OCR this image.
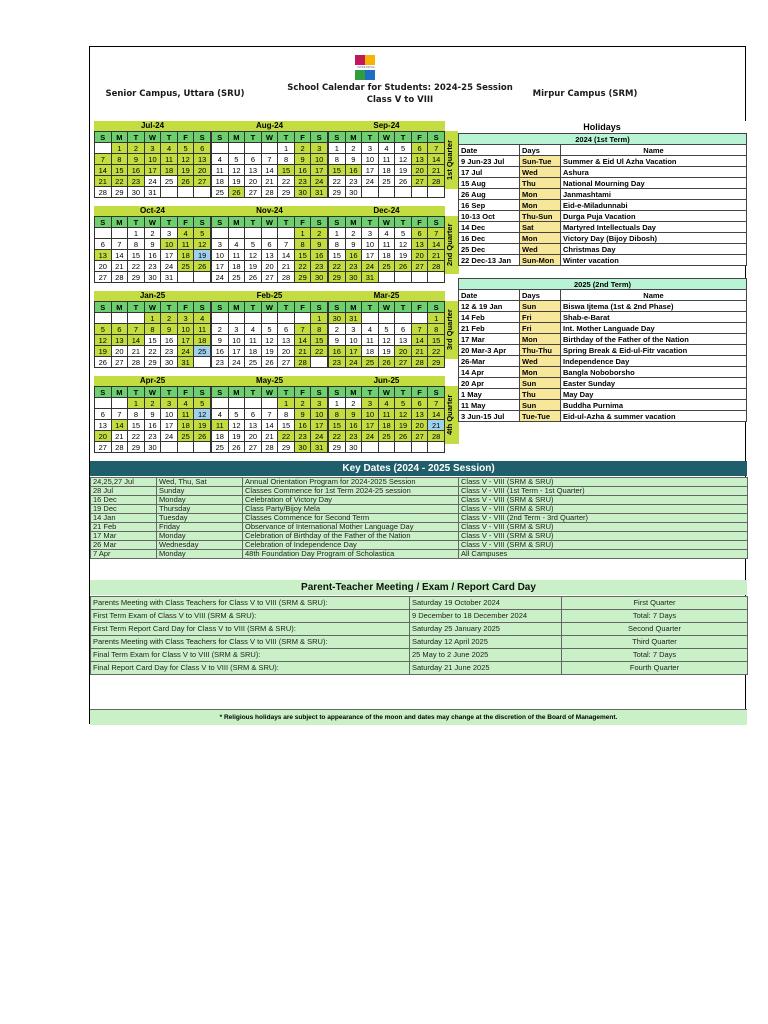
SCHOLASTICA
Senior Campus, Uttara (SRU)
School Calendar for Students: 2024-25 Session
Class V to VIII
Mirpur Campus (SRM)
Jul-24
S	M	T	W	T	F	S
	1	2	3	4	5	6
7	8	9	10	11	12	13
14	15	16	17	18	19	20
21	22	23	24	25	26	27
28	29	30	31			
Aug-24
S	M	T	W	T	F	S
				1	2	3
4	5	6	7	8	9	10
11	12	13	14	15	16	17
18	19	20	21	22	23	24
25	26	27	28	29	30	31
Sep-24
S	M	T	W	T	F	S
1	2	3	4	5	6	7
8	9	10	11	12	13	14
15	16	17	18	19	20	21
22	23	24	25	26	27	28
29	30					
Oct-24
S	M	T	W	T	F	S
		1	2	3	4	5
6	7	8	9	10	11	12
13	14	15	16	17	18	19
20	21	22	23	24	25	26
27	28	29	30	31		
Nov-24
S	M	T	W	T	F	S
					1	2
3	4	5	6	7	8	9
10	11	12	13	14	15	16
17	18	19	20	21	22	23
24	25	26	27	28	29	30
Dec-24
S	M	T	W	T	F	S
1	2	3	4	5	6	7
8	9	10	11	12	13	14
15	16	17	18	19	20	21
22	23	24	25	26	27	28
29	30	31				
Jan-25
S	M	T	W	T	F	S
			1	2	3	4
5	6	7	8	9	10	11
12	13	14	15	16	17	18
19	20	21	22	23	24	25
26	27	28	29	30	31	
Feb-25
S	M	T	W	T	F	S
						1
2	3	4	5	6	7	8
9	10	11	12	13	14	15
16	17	18	19	20	21	22
23	24	25	26	27	28	
Mar-25
S	M	T	W	T	F	S
30	31					1
2	3	4	5	6	7	8
9	10	11	12	13	14	15
16	17	18	19	20	21	22
23	24	25	26	27	28	29
Apr-25
S	M	T	W	T	F	S
		1	2	3	4	5
6	7	8	9	10	11	12
13	14	15	16	17	18	19
20	21	22	23	24	25	26
27	28	29	30			
May-25
S	M	T	W	T	F	S
				1	2	3
4	5	6	7	8	9	10
11	12	13	14	15	16	17
18	19	20	21	22	23	24
25	26	27	28	29	30	31
Jun-25
S	M	T	W	T	F	S
1	2	3	4	5	6	7
8	9	10	11	12	13	14
15	16	17	18	19	20	21
22	23	24	25	26	27	28
29	30					
1st Quarter
2nd Quarter
3rd Quarter
4th Quarter
Holidays
2024 (1st Term)		
Date	Days	Name
9 Jun-23 Jul	Sun-Tue	Summer & Eid Ul Azha Vacation
17 Jul	Wed	Ashura
15 Aug	Thu	National Mourning Day
26 Aug	Mon	Janmashtami
16 Sep	Mon	Eid-e-Miladunnabi
10-13 Oct	Thu-Sun	Durga Puja Vacation
14 Dec	Sat	Martyred Intellectuals Day
16 Dec	Mon	Victory Day (Bijoy Dibosh)
25 Dec	Wed	Christmas Day
22 Dec-13 Jan	Sun-Mon	Winter vacation
2025 (2nd Term)		
Date	Days	Name
12 & 19 Jan	Sun	Biswa Ijtema (1st & 2nd Phase)
14 Feb	Fri	Shab-e-Barat
21 Feb	Fri	Int. Mother Languade Day
17 Mar	Mon	Birthday of the Father of the Nation
20 Mar-3 Apr	Thu-Thu	Spring Break & Eid-ul-Fitr vacation
26-Mar	Wed	Independence Day
14 Apr	Mon	Bangla Noboborsho
20 Apr	Sun	Easter Sunday
1 May	Thu	May Day
11 May	Sun	Buddha Purnima
3 Jun-15 Jul	Tue-Tue	Eid-ul-Azha & summer vacation
Key Dates (2024 - 2025 Session)
24,25,27 Jul	Wed, Thu, Sat	Annual Orientation Program for 2024-2025 Session	Class V - VIII (SRM & SRU)
28 Jul	Sunday	Classes Commence for 1st Term 2024-25 session	Class V - VIII (1st Term - 1st Quarter)
16 Dec	Monday	Celebration of Victory Day	Class V - VIII (SRM & SRU)
19 Dec	Thursday	Class Party/Bijoy Mela	Class V - VIII (SRM & SRU)
14 Jan	Tuesday	Classes Commence for Second Term	Class V - VIII (2nd Term - 3rd Quarter)
21 Feb	Friday	Observance of International Mother Language Day	Class V - VIII (SRM & SRU)
17 Mar	Monday	Celebration of Birthday of the Father of the Nation	Class V - VIII (SRM & SRU)
26 Mar	Wednesday	Celebration of Independence Day	Class V - VIII (SRM & SRU)
7 Apr	Monday	48th Foundation Day Program of Scholastica	All Campuses
Parent-Teacher Meeting / Exam / Report Card Day
Parents Meeting with Class Teachers for Class V to VIII (SRM & SRU):	Saturday 19 October 2024	First Quarter
First Term Exam of Class V to VIII (SRM & SRU):	9 December to 18 December 2024	Total: 7 Days
First Term Report Card Day for Class V to VIII (SRM & SRU):	Saturday 25 January 2025	Second Quarter
Parents Meeting with Class Teachers for Class V to VIII (SRM & SRU):	Saturday 12 April 2025	Third Quarter
Final Term Exam for Class V to VIII (SRM & SRU):	25 May to 2 June 2025	Total: 7 Days
Final Report Card Day for Class V to VIII (SRM & SRU):	Saturday 21 June 2025	Fourth Quarter
* Religious holidays are subject to appearance of the moon and dates may change at the discretion of the Board of Management.
